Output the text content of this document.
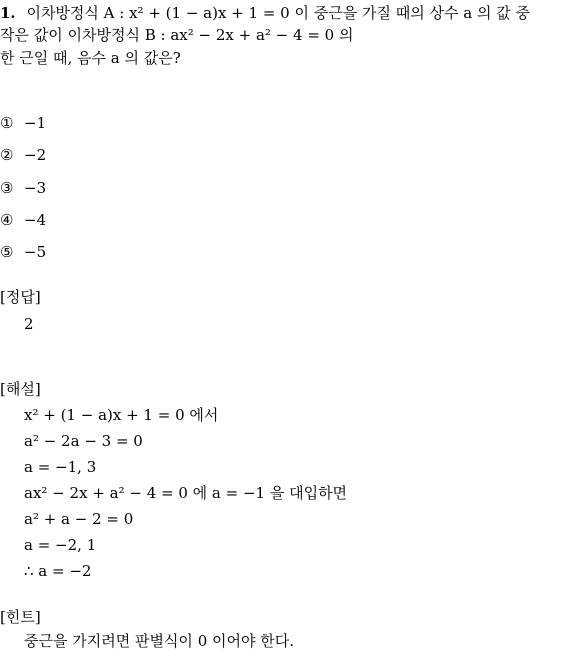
1. 이차방정식 A : x² + (1 − a)x + 1 = 0 이 중근을 가질 때의 상수 a 의 값 중
작은 값이 이차방정식 B : ax² − 2x + a² − 4 = 0 의
한 근일 때, 음수 a 의 값은?
① −1
② −2
③ −3
④ −4
⑤ −5
[정답]
2
[해설]
x² + (1 − a)x + 1 = 0 에서
a² − 2a − 3 = 0
a = −1, 3
ax² − 2x + a² − 4 = 0 에 a = −1 을 대입하면
a² + a − 2 = 0
a = −2, 1
∴ a = −2
[힌트]
중근을 가지려면 판별식이 0 이어야 한다.
